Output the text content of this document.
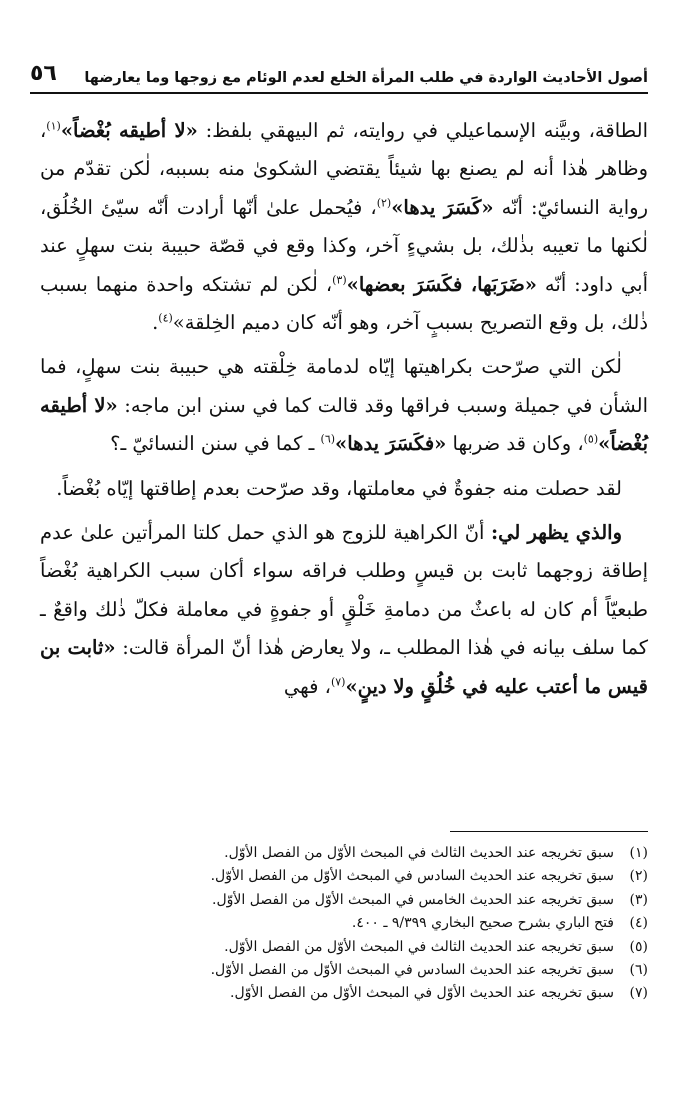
أصول الأحاديث الواردة في طلب المرأة الخلع لعدم الوئام مع زوجها وما يعارضها
٥٦

الطاقة، وبيَّنه الإسماعيلي في روايته، ثم البيهقي بلفظ: «لا أطيقه بُغْضاً»$^{(١)}$، وظاهر هٰذا أنه لم يصنع بها شيئاً يقتضي الشكوىٰ منه بسببه، لٰكن تقدّم من رواية النسائيّ: أنّه «كَسَرَ يدها»$^{(٢)}$، فيُحمل علىٰ أنّها أرادت أنّه سيّئ الخُلُق، لٰكنها ما تعيبه بذٰلك، بل بشيءٍ آخر، وكذا وقع في قصّة حبيبة بنت سهلٍ عند أبي داود: أنّه «ضَرَبَها، فكَسَرَ بعضها»$^{(٣)}$، لٰكن لم تشتكه واحدة منهما بسبب ذٰلك، بل وقع التصريح بسببٍ آخر، وهو أنّه كان دميم الخِلقة»$^{(٤)}$.

لٰكن التي صرّحت بكراهيتها إيّاه لدمامة خِلْقته هي حبيبة بنت سهلٍ، فما الشأن في جميلة وسبب فراقها وقد قالت كما في سنن ابن ماجه: «لا أطيقه بُغْضاً»$^{(٥)}$، وكان قد ضربها «فكَسَرَ يدها»$^{(٦)}$ ـ كما في سنن النسائيّ ـ؟

لقد حصلت منه جفوةٌ في معاملتها، وقد صرّحت بعدم إطاقتها إيّاه بُغْضاً.

والذي يظهر لي: أنّ الكراهية للزوج هو الذي حمل كلتا المرأتين علىٰ عدم إطاقة زوجهما ثابت بن قيسٍ وطلب فراقه سواء أكان سبب الكراهية بُغْضاً طبعيّاً أم كان له باعثٌ من دمامةِ خَلْقٍ أو جفوةٍ في معاملة فكلّ ذٰلك واقعٌ ـ كما سلف بيانه في هٰذا المطلب ـ، ولا يعارض هٰذا أنّ المرأة قالت: «ثابت بن قيس ما أعتب عليه في خُلُقٍ ولا دينٍ»$^{(٧)}$، فهي

(١)
سبق تخريجه عند الحديث الثالث في المبحث الأوّل من الفصل الأوّل.
(٢)
سبق تخريجه عند الحديث السادس في المبحث الأوّل من الفصل الأوّل.
(٣)
سبق تخريجه عند الحديث الخامس في المبحث الأوّل من الفصل الأوّل.
(٤)
فتح الباري بشرح صحيح البخاري ٩/٣٩٩ ـ ٤٠٠.
(٥)
سبق تخريجه عند الحديث الثالث في المبحث الأوّل من الفصل الأوّل.
(٦)
سبق تخريجه عند الحديث السادس في المبحث الأوّل من الفصل الأوّل.
(٧)
سبق تخريجه عند الحديث الأوّل في المبحث الأوّل من الفصل الأوّل.
